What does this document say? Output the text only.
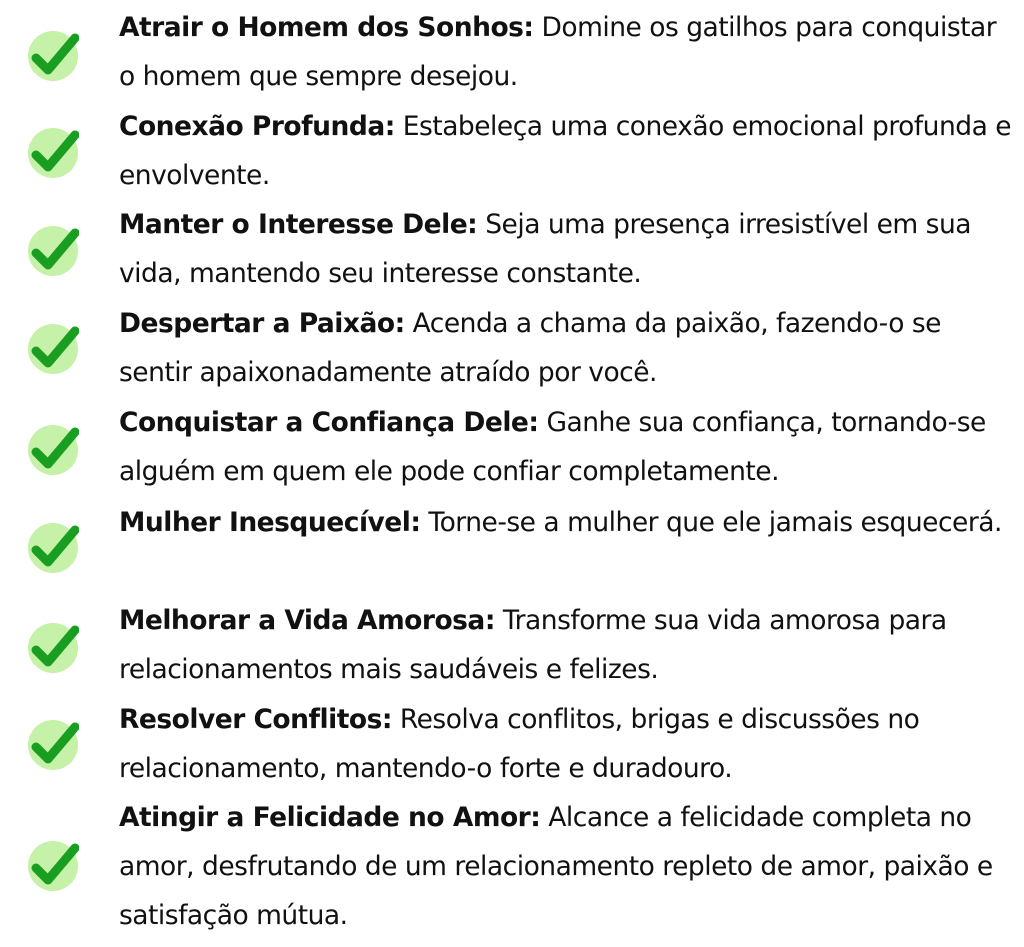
Atrair o Homem dos Sonhos: Domine os gatilhos para conquistar o homem que sempre desejou.

Conexão Profunda: Estabeleça uma conexão emocional profunda e envolvente.

Manter o Interesse Dele: Seja uma presença irresistível em sua vida, mantendo seu interesse constante.

Despertar a Paixão: Acenda a chama da paixão, fazendo-o se sentir apaixonadamente atraído por você.

Conquistar a Confiança Dele: Ganhe sua confiança, tornando-se alguém em quem ele pode confiar completamente.

Mulher Inesquecível: Torne-se a mulher que ele jamais esquecerá.

Melhorar a Vida Amorosa: Transforme sua vida amorosa para relacionamentos mais saudáveis e felizes.

Resolver Conflitos: Resolva conflitos, brigas e discussões no relacionamento, mantendo-o forte e duradouro.

Atingir a Felicidade no Amor: Alcance a felicidade completa no amor, desfrutando de um relacionamento repleto de amor, paixão e satisfação mútua.
